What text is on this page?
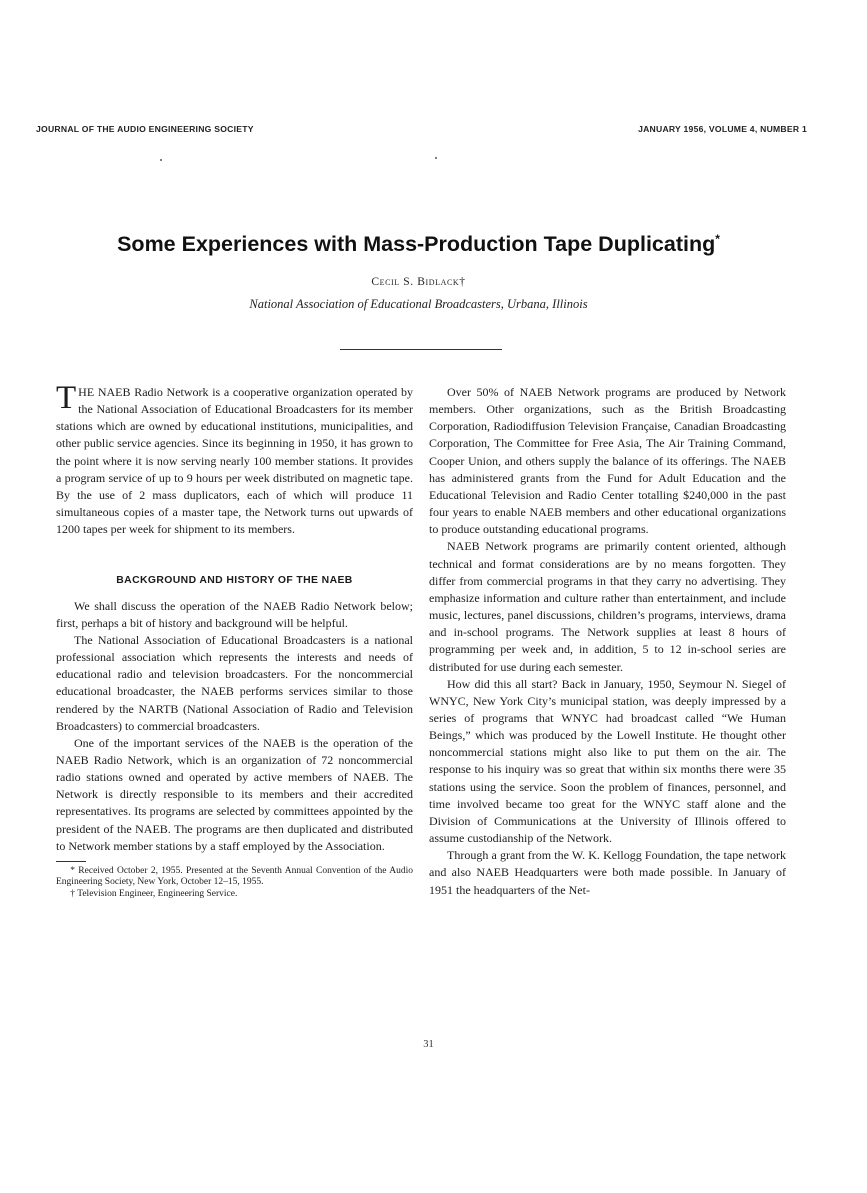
JOURNAL OF THE AUDIO ENGINEERING SOCIETY	JANUARY 1956, VOLUME 4, NUMBER 1
Some Experiences with Mass-Production Tape Duplicating*
Cecil S. Bidlack†
National Association of Educational Broadcasters, Urbana, Illinois

THE NAEB Radio Network is a cooperative organization operated by the National Association of Educational Broadcasters for its member stations which are owned by educational institutions, municipalities, and other public service agencies. Since its beginning in 1950, it has grown to the point where it is now serving nearly 100 member stations. It provides a program service of up to 9 hours per week distributed on magnetic tape. By the use of 2 mass duplicators, each of which will produce 11 simultaneous copies of a master tape, the Network turns out upwards of 1200 tapes per week for shipment to its members.

BACKGROUND AND HISTORY OF THE NAEB

We shall discuss the operation of the NAEB Radio Network below; first, perhaps a bit of history and background will be helpful.

The National Association of Educational Broadcasters is a national professional association which represents the interests and needs of educational radio and television broadcasters. For the noncommercial educational broadcaster, the NAEB performs services similar to those rendered by the NARTB (National Association of Radio and Television Broadcasters) to commercial broadcasters.

One of the important services of the NAEB is the operation of the NAEB Radio Network, which is an organization of 72 noncommercial radio stations owned and operated by active members of NAEB. The Network is directly responsible to its members and their accredited representatives. Its programs are selected by committees appointed by the president of the NAEB. The programs are then duplicated and distributed to Network member stations by a staff employed by the Association.

* Received October 2, 1955. Presented at the Seventh Annual Convention of the Audio Engineering Society, New York, October 12–15, 1955.

† Television Engineer, Engineering Service.

Over 50% of NAEB Network programs are produced by Network members. Other organizations, such as the British Broadcasting Corporation, Radiodiffusion Television Française, Canadian Broadcasting Corporation, The Committee for Free Asia, The Air Training Command, Cooper Union, and others supply the balance of its offerings. The NAEB has administered grants from the Fund for Adult Education and the Educational Television and Radio Center totalling $240,000 in the past four years to enable NAEB members and other educational organizations to produce outstanding educational programs.

NAEB Network programs are primarily content oriented, although technical and format considerations are by no means forgotten. They differ from commercial programs in that they carry no advertising. They emphasize information and culture rather than entertainment, and include music, lectures, panel discussions, children’s programs, interviews, drama and in-school programs. The Network supplies at least 8 hours of programming per week and, in addition, 5 to 12 in-school series are distributed for use during each semester.

How did this all start? Back in January, 1950, Seymour N. Siegel of WNYC, New York City’s municipal station, was deeply impressed by a series of programs that WNYC had broadcast called “We Human Beings,” which was produced by the Lowell Institute. He thought other noncommercial stations might also like to put them on the air. The response to his inquiry was so great that within six months there were 35 stations using the service. Soon the problem of finances, personnel, and time involved became too great for the WNYC staff alone and the Division of Communications at the University of Illinois offered to assume custodianship of the Network.

Through a grant from the W. K. Kellogg Foundation, the tape network and also NAEB Headquarters were both made possible. In January of 1951 the headquarters of the Net-

31
